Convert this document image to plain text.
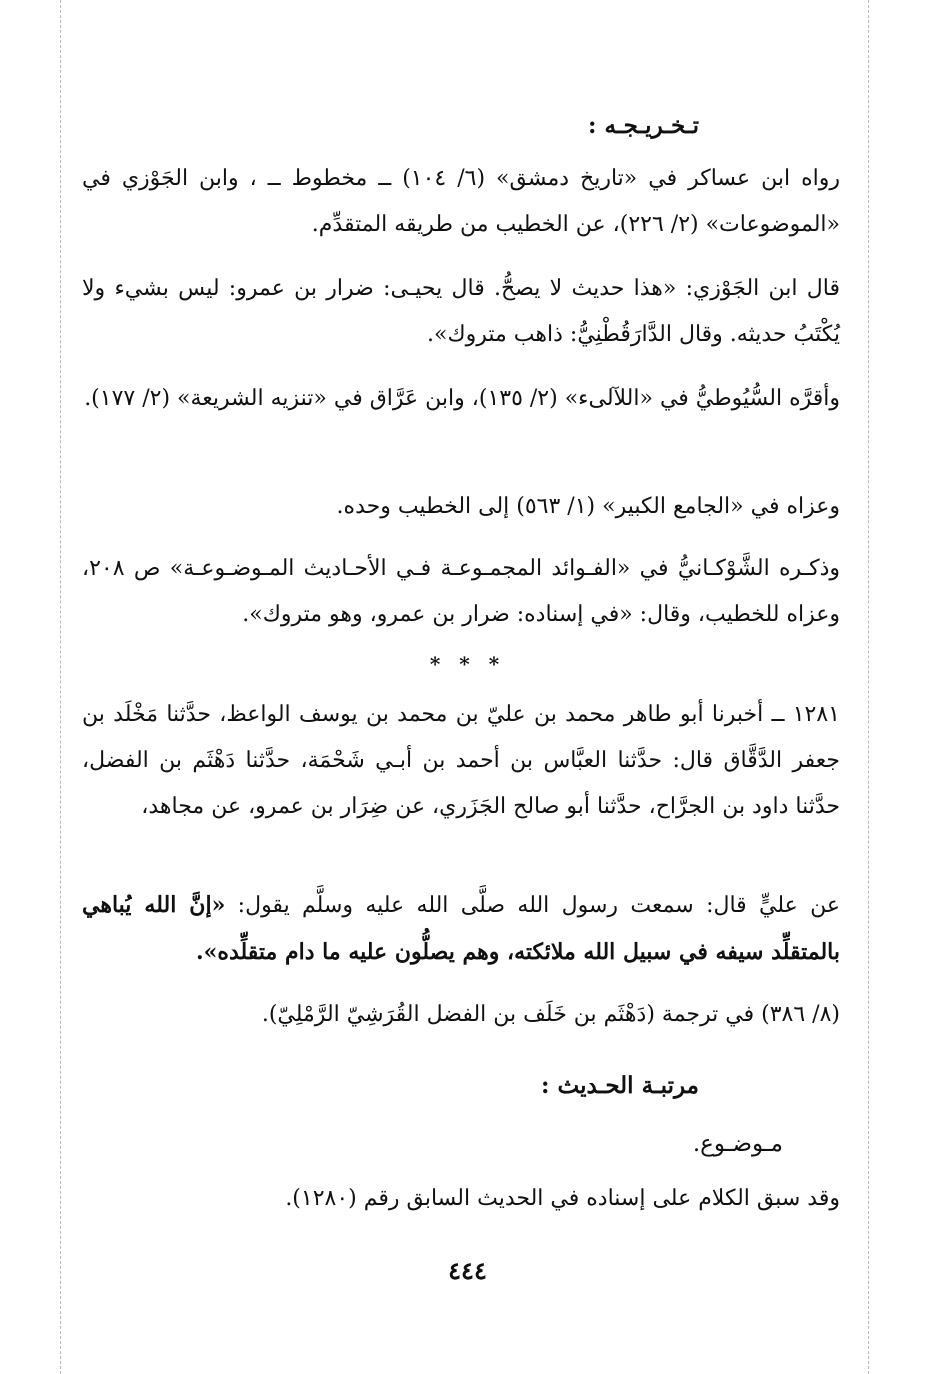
تـخـريـجـه :
رواه ابن عساكر في «تاريخ دمشق» (٦/ ١٠٤) ــ مخطوط ــ ، وابن الجَوْزي في «الموضوعات» (٢/ ٢٢٦)، عن الخطيب من طريقه المتقدِّم.
قال ابن الجَوْزي: «هذا حديث لا يصحُّ. قال يحيـى: ضرار بن عمرو: ليس بشيء ولا يُكْتَبُ حديثه. وقال الدَّارَقُطْنِيُّ: ذاهب متروك».
وأقرَّه السُّيُوطيُّ في «اللآلىء» (٢/ ١٣٥)، وابن عَرَّاق في «تنزيه الشريعة» (٢/ ١٧٧).
وعزاه في «الجامع الكبير» (١/ ٥٦٣) إلى الخطيب وحده.
وذكـره الشَّوْكـانيُّ في «الفـوائد المجمـوعـة فـي الأحـاديث المـوضـوعـة» ص ٢٠٨، وعزاه للخطيب، وقال: «في إسناده: ضرار بن عمرو، وهو متروك».
* * *
١٢٨١ ــ أخبرنا أبو طاهر محمد بن عليّ بن محمد بن يوسف الواعظ، حدَّثنا مَخْلَد بن جعفر الدَّقَّاق قال: حدَّثنا العبَّاس بن أحمد بن أبـي شَحْمَة، حدَّثنا دَهْثَم بن الفضل، حدَّثنا داود بن الجرَّاح، حدَّثنا أبو صالح الجَزَري، عن ضِرَار بن عمرو، عن مجاهد،
عن عليٍّ قال: سمعت رسول الله صلَّى الله عليه وسلَّم يقول: «إنَّ الله يُباهي بالمتقلِّد سيفه في سبيل الله ملائكته، وهم يصلُّون عليه ما دام متقلِّده».
(٨/ ٣٨٦) في ترجمة (دَهْثَم بن خَلَف بن الفضل القُرَشِيّ الرَّمْلِيّ).
مرتبـة الحـديث :
مـوضـوع.
وقد سبق الكلام على إسناده في الحديث السابق رقم (١٢٨٠).
٤٤٤
